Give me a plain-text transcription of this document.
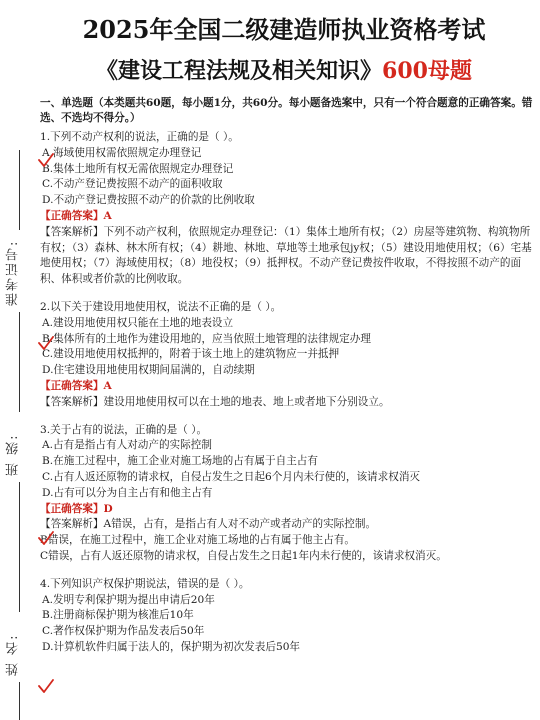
准考证号:
班 级:
姓 名:
2025年全国二级建造师执业资格考试
《建设工程法规及相关知识》600母题
一、单选题（本类题共60题，每小题1分，共60分。每小题备选案中，只有一个符合题意的正确答案。错选、不选均不得分。）
1.下列不动产权利的说法，正确的是（ ）。
A.海域使用权需依照规定办理登记
B.集体土地所有权无需依照规定办理登记
C.不动产登记费按照不动产的面积收取
D.不动产登记费按照不动产的价款的比例收取
【正确答案】A
【答案解析】下列不动产权利，依照规定办理登记：（1）集体土地所有权；（2）房屋等建筑物、构筑物所有权；（3）森林、林木所有权；（4）耕地、林地、草地等土地承包jy权；（5）建设用地使用权；（6）宅基地使用权；（7）海域使用权；（8）地役权；（9）抵押权。不动产登记费按件收取，不得按照不动产的面积、体积或者价款的比例收取。
2.以下关于建设用地使用权，说法不正确的是（ ）。
A.建设用地使用权只能在土地的地表设立
B.集体所有的土地作为建设用地的，应当依照土地管理的法律规定办理
C.建设用地使用权抵押的，附着于该土地上的建筑物应一并抵押
D.住宅建设用地使用权期间届满的，自动续期
【正确答案】A
【答案解析】建设用地使用权可以在土地的地表、地上或者地下分别设立。
3.关于占有的说法，正确的是（ ）。
A.占有是指占有人对动产的实际控制
B.在施工过程中，施工企业对施工场地的占有属于自主占有
C.占有人返还原物的请求权，自侵占发生之日起6个月内未行使的，该请求权消灭
D.占有可以分为自主占有和他主占有
【正确答案】D
【答案解析】A错误，占有，是指占有人对不动产或者动产的实际控制。
B错误，在施工过程中，施工企业对施工场地的占有属于他主占有。
C错误，占有人返还原物的请求权，自侵占发生之日起1年内未行使的，该请求权消灭。
4.下列知识产权保护期说法，错误的是（ ）。
A.发明专利保护期为提出申请后20年
B.注册商标保护期为核准后10年
C.著作权保护期为作品发表后50年
D.计算机软件归属于法人的，保护期为初次发表后50年
